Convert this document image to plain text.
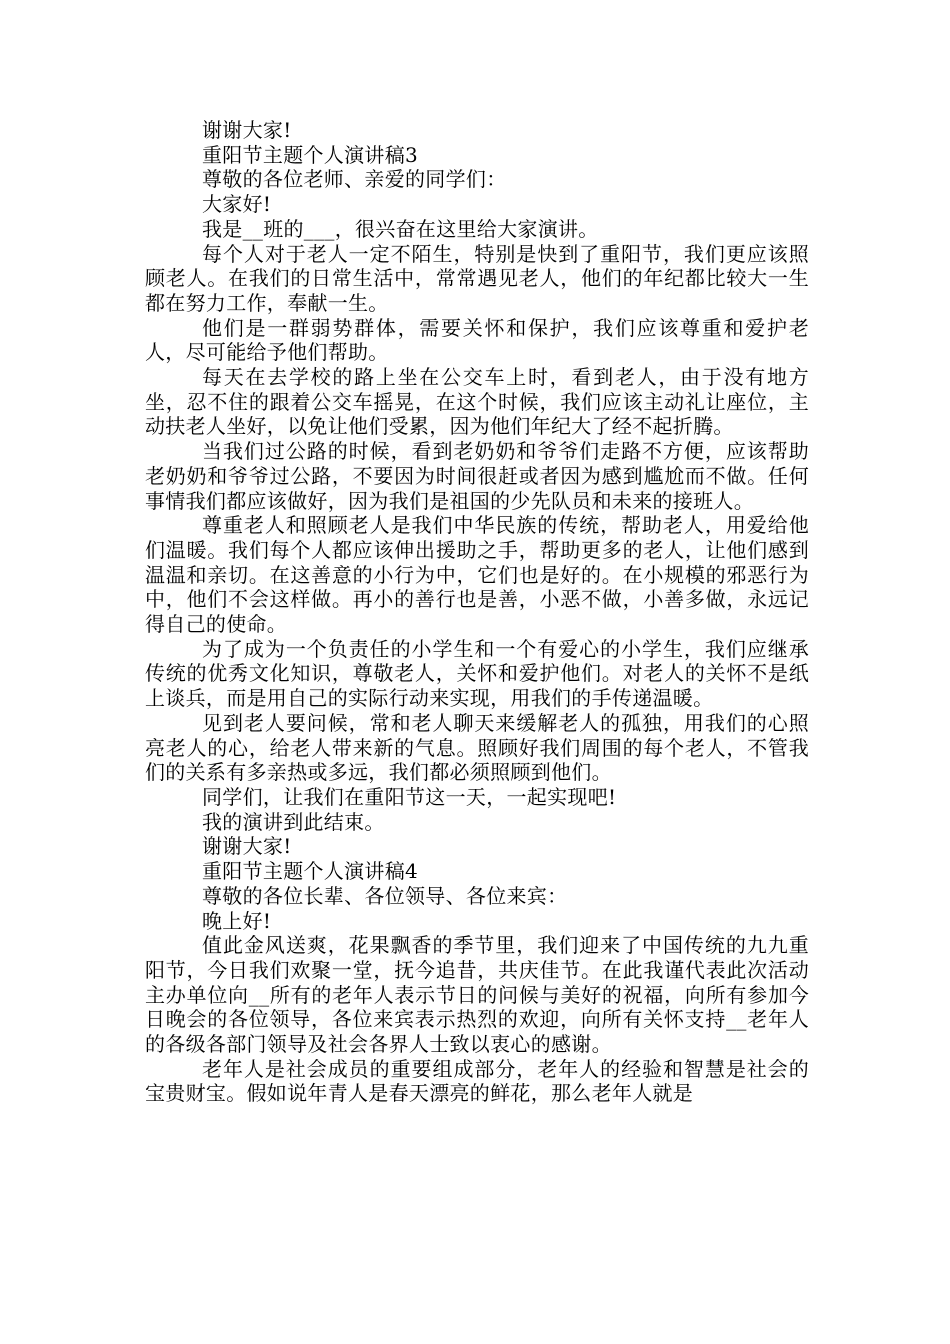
谢谢大家!

重阳节主题个人演讲稿3

尊敬的各位老师、亲爱的同学们：

大家好!

我是__班的___，很兴奋在这里给大家演讲。

每个人对于老人一定不陌生，特别是快到了重阳节，我们更应该照顾老人。在我们的日常生活中，常常遇见老人，他们的年纪都比较大一生都在努力工作，奉献一生。

他们是一群弱势群体，需要关怀和保护，我们应该尊重和爱护老人，尽可能给予他们帮助。

每天在去学校的路上坐在公交车上时，看到老人，由于没有地方坐，忍不住的跟着公交车摇晃，在这个时候，我们应该主动礼让座位，主动扶老人坐好，以免让他们受累，因为他们年纪大了经不起折腾。

当我们过公路的时候，看到老奶奶和爷爷们走路不方便，应该帮助老奶奶和爷爷过公路，不要因为时间很赶或者因为感到尴尬而不做。任何事情我们都应该做好，因为我们是祖国的少先队员和未来的接班人。

尊重老人和照顾老人是我们中华民族的传统，帮助老人，用爱给他们温暖。我们每个人都应该伸出援助之手，帮助更多的老人，让他们感到温温和亲切。在这善意的小行为中，它们也是好的。在小规模的邪恶行为中，他们不会这样做。再小的善行也是善，小恶不做，小善多做，永远记得自己的使命。

为了成为一个负责任的小学生和一个有爱心的小学生，我们应继承传统的优秀文化知识，尊敬老人，关怀和爱护他们。对老人的关怀不是纸上谈兵，而是用自己的实际行动来实现，用我们的手传递温暖。

见到老人要问候，常和老人聊天来缓解老人的孤独，用我们的心照亮老人的心，给老人带来新的气息。照顾好我们周围的每个老人，不管我们的关系有多亲热或多远，我们都必须照顾到他们。

同学们，让我们在重阳节这一天，一起实现吧!

我的演讲到此结束。

谢谢大家!

重阳节主题个人演讲稿4

尊敬的各位长辈、各位领导、各位来宾：

晚上好!

值此金风送爽，花果飘香的季节里，我们迎来了中国传统的九九重阳节，今日我们欢聚一堂，抚今追昔，共庆佳节。在此我谨代表此次活动主办单位向__所有的老年人表示节日的问候与美好的祝福，向所有参加今日晚会的各位领导，各位来宾表示热烈的欢迎，向所有关怀支持__老年人的各级各部门领导及社会各界人士致以衷心的感谢。

老年人是社会成员的重要组成部分，老年人的经验和智慧是社会的宝贵财宝。假如说年青人是春天漂亮的鲜花，那么老年人就是
